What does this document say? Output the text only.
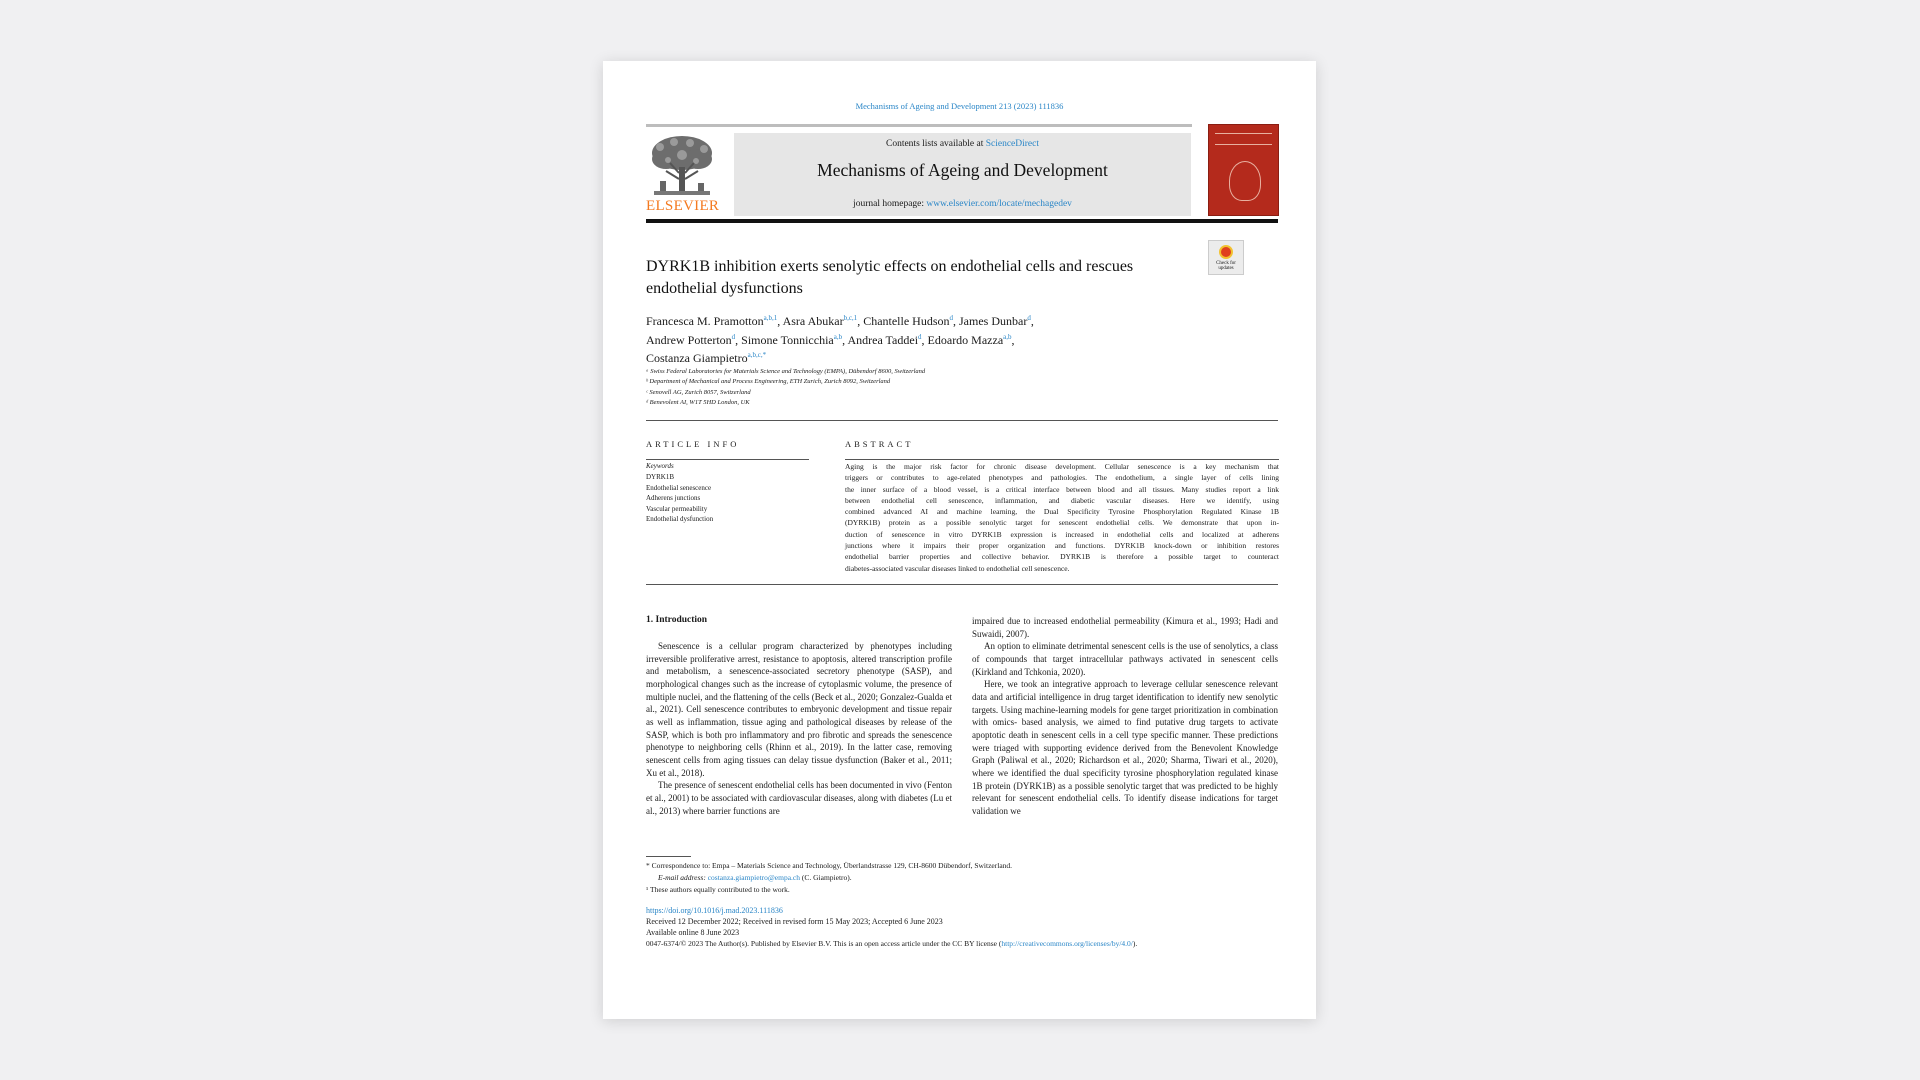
Mechanisms of Ageing and Development 213 (2023) 111836
ELSEVIER
Contents lists available at ScienceDirect
Mechanisms of Ageing and Development
journal homepage: www.elsevier.com/locate/mechagedev
Check for updates
DYRK1B inhibition exerts senolytic effects on endothelial cells and rescues endothelial dysfunctions
Francesca M. Pramotton$^{a,b,1}$, Asra Abukar$^{b,c,1}$, Chantelle Hudson$^d$, James Dunbar$^d$,
Andrew Potterton$^d$, Simone Tonnicchia$^{a,b}$, Andrea Taddei$^d$, Edoardo Mazza$^{a,b}$,
Costanza Giampietro$^{a,b,c,*}$
ᵃ Swiss Federal Laboratories for Materials Science and Technology (EMPA), Dübendorf 8600, Switzerland
ᵇ Department of Mechanical and Process Engineering, ETH Zurich, Zurich 8092, Switzerland
ᶜ Senovell AG, Zurich 8057, Switzerland
ᵈ Benevolent AI, W1T 5HD London, UK
ARTICLE INFO
Keywords
DYRK1B
Endothelial senescence
Adherens junctions
Vascular permeability
Endothelial dysfunction
ABSTRACT
Aging is the major risk factor for chronic disease development. Cellular senescence is a key mechanism that
triggers or contributes to age-related phenotypes and pathologies. The endothelium, a single layer of cells lining
the inner surface of a blood vessel, is a critical interface between blood and all tissues. Many studies report a link
between endothelial cell senescence, inflammation, and diabetic vascular diseases. Here we identify, using
combined advanced AI and machine learning, the Dual Specificity Tyrosine Phosphorylation Regulated Kinase 1B
(DYRK1B) protein as a possible senolytic target for senescent endothelial cells. We demonstrate that upon in-
duction of senescence in vitro DYRK1B expression is increased in endothelial cells and localized at adherens
junctions where it impairs their proper organization and functions. DYRK1B knock-down or inhibition restores
endothelial barrier properties and collective behavior. DYRK1B is therefore a possible target to counteract
diabetes-associated vascular diseases linked to endothelial cell senescence.
1. Introduction

Senescence is a cellular program characterized by phenotypes including irreversible proliferative arrest, resistance to apoptosis, altered transcription profile and metabolism, a senescence-associated secretory phenotype (SASP), and morphological changes such as the increase of cytoplasmic volume, the presence of multiple nuclei, and the flattening of the cells (Beck et al., 2020; Gonzalez-Gualda et al., 2021). Cell senescence contributes to embryonic development and tissue repair as well as inflammation, tissue aging and pathological diseases by release of the SASP, which is both pro inflammatory and pro fibrotic and spreads the senescence phenotype to neighboring cells (Rhinn et al., 2019). In the latter case, removing senescent cells from aging tissues can delay tissue dysfunction (Baker et al., 2011; Xu et al., 2018).

The presence of senescent endothelial cells has been documented in vivo (Fenton et al., 2001) to be associated with cardiovascular diseases, along with diabetes (Lu et al., 2013) where barrier functions are

impaired due to increased endothelial permeability (Kimura et al., 1993; Hadi and Suwaidi, 2007).

An option to eliminate detrimental senescent cells is the use of senolytics, a class of compounds that target intracellular pathways activated in senescent cells (Kirkland and Tchkonia, 2020).

Here, we took an integrative approach to leverage cellular senescence relevant data and artificial intelligence in drug target identification to identify new senolytic targets. Using machine-learning models for gene target prioritization in combination with omics- based analysis, we aimed to find putative drug targets to activate apoptotic death in senescent cells in a cell type specific manner. These predictions were triaged with supporting evidence derived from the Benevolent Knowledge Graph (Paliwal et al., 2020; Richardson et al., 2020; Sharma, Tiwari et al., 2020), where we identified the dual specificity tyrosine phosphorylation regulated kinase 1B protein (DYRK1B) as a possible senolytic target that was predicted to be highly relevant for senescent endothelial cells. To identify disease indications for target validation we

* Correspondence to: Empa – Materials Science and Technology, Überlandstrasse 129, CH-8600 Dübendorf, Switzerland.
E-mail address: costanza.giampietro@empa.ch (C. Giampietro).
¹ These authors equally contributed to the work.
https://doi.org/10.1016/j.mad.2023.111836
Received 12 December 2022; Received in revised form 15 May 2023; Accepted 6 June 2023
Available online 8 June 2023
0047-6374/© 2023 The Author(s). Published by Elsevier B.V. This is an open access article under the CC BY license (http://creativecommons.org/licenses/by/4.0/).
